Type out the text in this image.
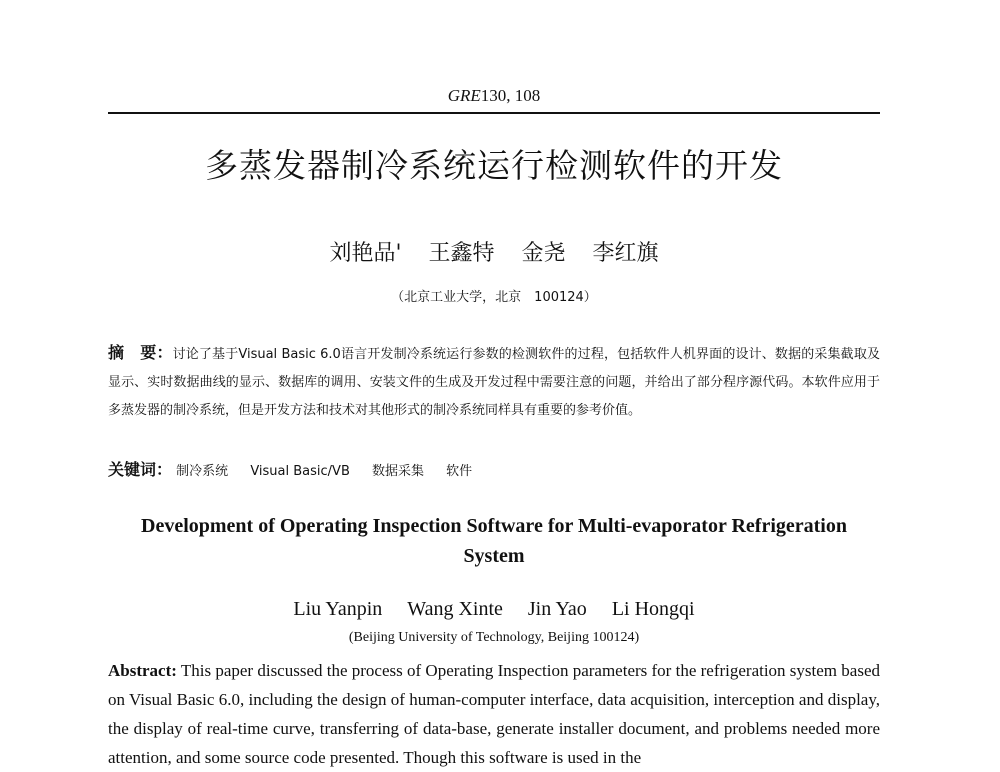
GRE130, 108
多蒸发器制冷系统运行检测软件的开发
刘艳品' 王鑫特 金尧 李红旗
（北京工业大学，北京　100124）
摘　要：讨论了基于Visual Basic 6.0语言开发制冷系统运行参数的检测软件的过程，包括软件人机界面的设计、数据的采集截取及显示、实时数据曲线的显示、数据库的调用、安装文件的生成及开发过程中需要注意的问题，并给出了部分程序源代码。本软件应用于多蒸发器的制冷系统，但是开发方法和技术对其他形式的制冷系统同样具有重要的参考价值。
关键词： 制冷系统 Visual Basic/VB 数据采集 软件
Development of Operating Inspection Software for Multi-evaporator Refrigeration System
Liu Yanpin Wang Xinte Jin Yao Li Hongqi
(Beijing University of Technology, Beijing 100124)
Abstract: This paper discussed the process of Operating Inspection parameters for the refrigeration system based on Visual Basic 6.0, including the design of human-computer interface, data acquisition, interception and display, the display of real-time curve, transferring of data-base, generate installer document, and problems needed more attention, and some source code presented. Though this software is used in the
